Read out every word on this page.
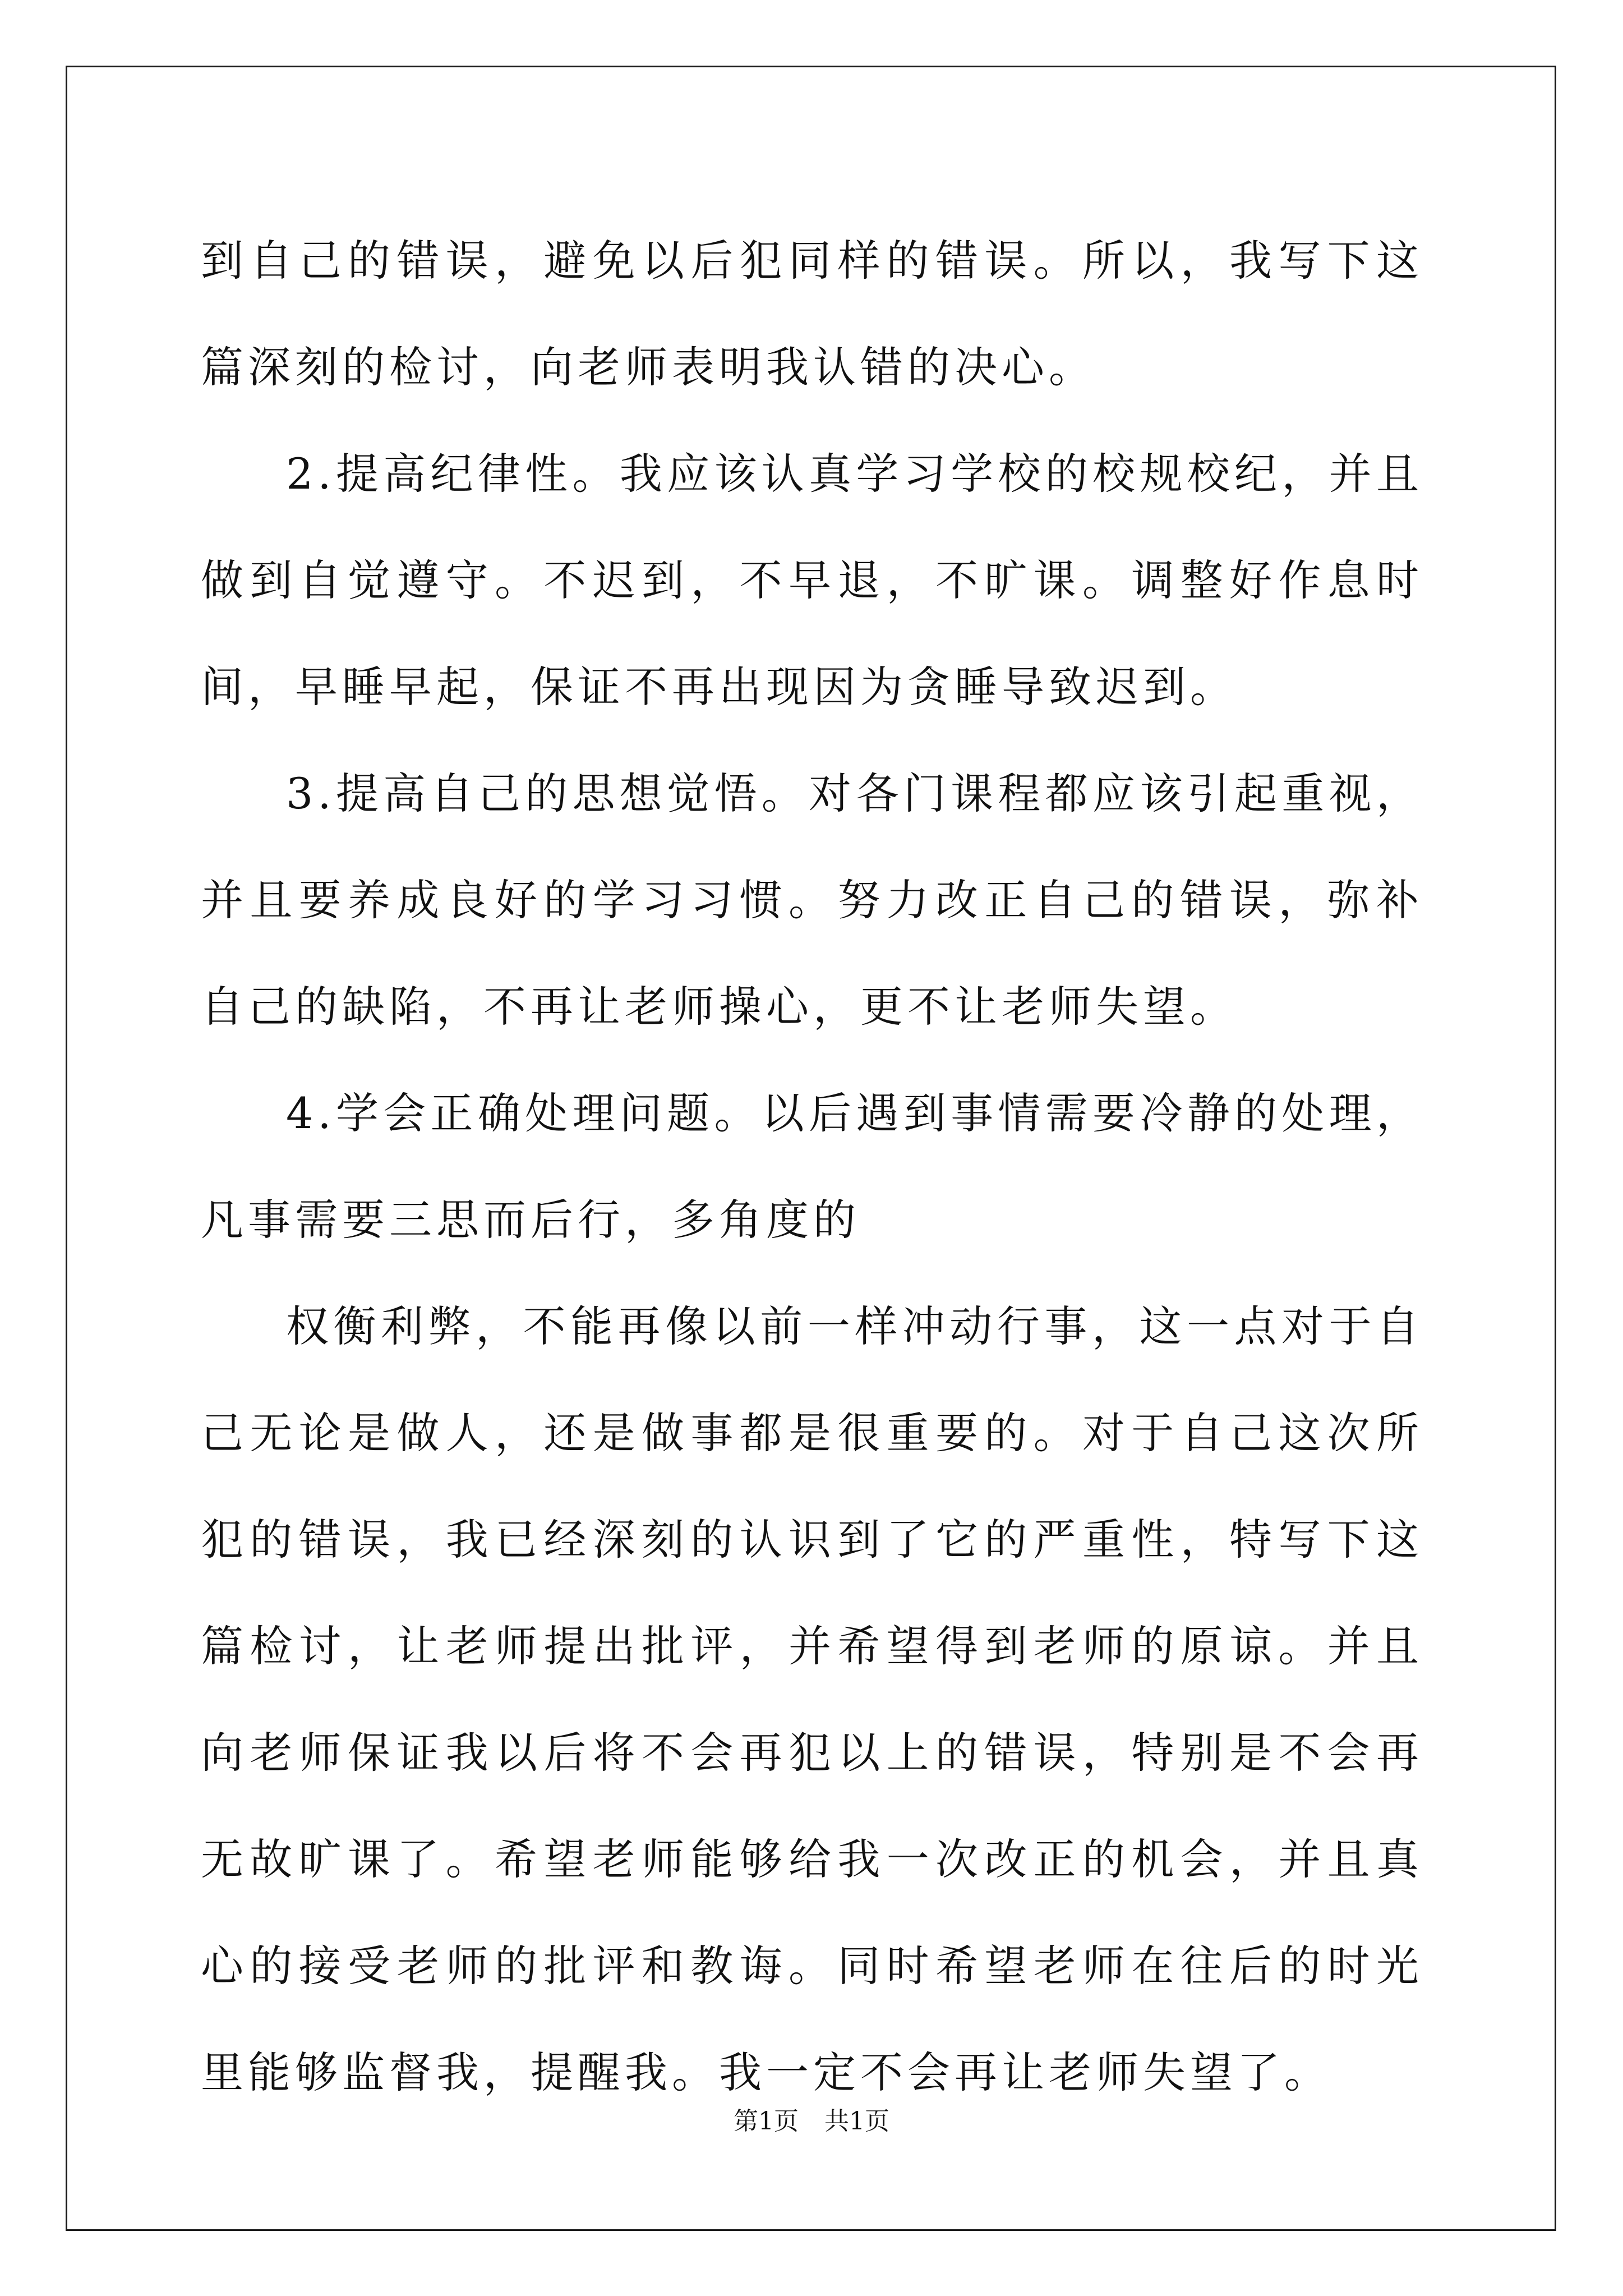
到自己的错误，避免以后犯同样的错误。所以，我写下这篇深刻的检讨，向老师表明我认错的决心。

2.提高纪律性。我应该认真学习学校的校规校纪，并且做到自觉遵守。不迟到，不早退，不旷课。调整好作息时间，早睡早起，保证不再出现因为贪睡导致迟到。

3.提高自己的思想觉悟。对各门课程都应该引起重视，并且要养成良好的学习习惯。努力改正自己的错误，弥补自己的缺陷，不再让老师操心，更不让老师失望。

4.学会正确处理问题。以后遇到事情需要冷静的处理，凡事需要三思而后行，多角度的

权衡利弊，不能再像以前一样冲动行事，这一点对于自己无论是做人，还是做事都是很重要的。对于自己这次所犯的错误，我已经深刻的认识到了它的严重性，特写下这篇检讨，让老师提出批评，并希望得到老师的原谅。并且向老师保证我以后将不会再犯以上的错误，特别是不会再无故旷课了。希望老师能够给我一次改正的机会，并且真心的接受老师的批评和教诲。同时希望老师在往后的时光里能够监督我，提醒我。我一定不会再让老师失望了。

第1页 共1页
